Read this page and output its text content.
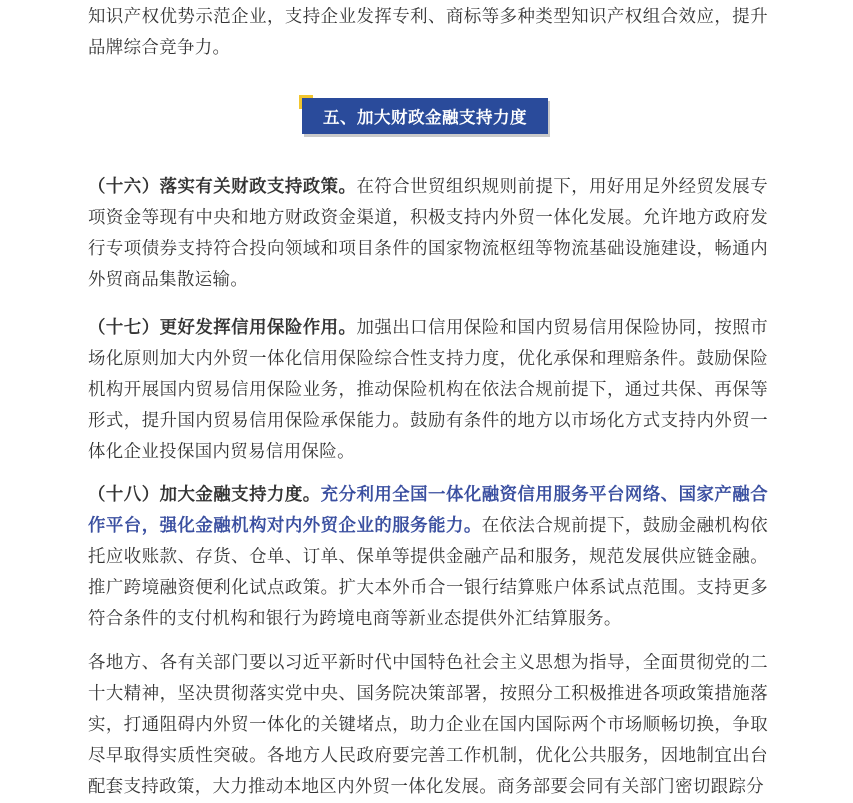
知识产权优势示范企业，支持企业发挥专利、商标等多种类型知识产权组合效应，提升品牌综合竞争力。

五、加大财政金融支持力度

（十六）落实有关财政支持政策。在符合世贸组织规则前提下，用好用足外经贸发展专项资金等现有中央和地方财政资金渠道，积极支持内外贸一体化发展。允许地方政府发行专项债券支持符合投向领域和项目条件的国家物流枢纽等物流基础设施建设，畅通内外贸商品集散运输。

（十七）更好发挥信用保险作用。加强出口信用保险和国内贸易信用保险协同，按照市场化原则加大内外贸一体化信用保险综合性支持力度，优化承保和理赔条件。鼓励保险机构开展国内贸易信用保险业务，推动保险机构在依法合规前提下，通过共保、再保等形式，提升国内贸易信用保险承保能力。鼓励有条件的地方以市场化方式支持内外贸一体化企业投保国内贸易信用保险。

（十八）加大金融支持力度。充分利用全国一体化融资信用服务平台网络、国家产融合作平台，强化金融机构对内外贸企业的服务能力。在依法合规前提下，鼓励金融机构依托应收账款、存货、仓单、订单、保单等提供金融产品和服务，规范发展供应链金融。推广跨境融资便利化试点政策。扩大本外币合一银行结算账户体系试点范围。支持更多符合条件的支付机构和银行为跨境电商等新业态提供外汇结算服务。

各地方、各有关部门要以习近平新时代中国特色社会主义思想为指导，全面贯彻党的二十大精神，坚决贯彻落实党中央、国务院决策部署，按照分工积极推进各项政策措施落实，打通阻碍内外贸一体化的关键堵点，助力企业在国内国际两个市场顺畅切换，争取尽早取得实质性突破。各地方人民政府要完善工作机制，优化公共服务，因地制宜出台配套支持政策，大力推动本地区内外贸一体化发展。商务部要会同有关部门密切跟踪分
